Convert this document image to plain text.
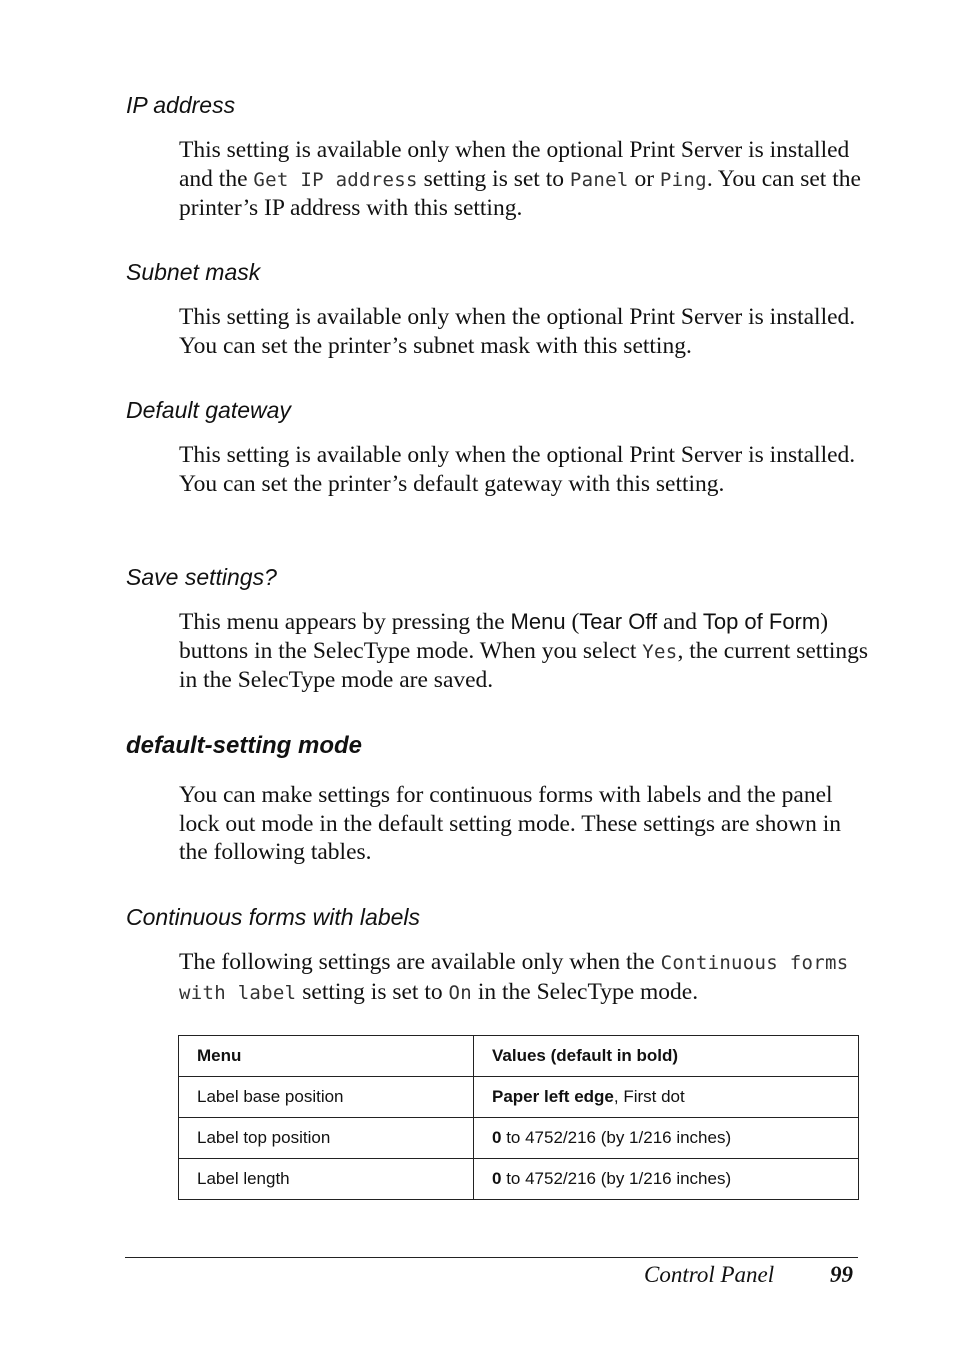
IP address
This setting is available only when the optional Print Server is installed and the Get IP address setting is set to Panel or Ping. You can set the printer’s IP address with this setting.
Subnet mask
This setting is available only when the optional Print Server is installed. You can set the printer’s subnet mask with this setting.
Default gateway
This setting is available only when the optional Print Server is installed. You can set the printer’s default gateway with this setting.
Save settings?
This menu appears by pressing the Menu (Tear Off and Top of Form) buttons in the SelecType mode. When you select Yes, the current settings in the SelecType mode are saved.
default-setting mode
You can make settings for continuous forms with labels and the panel lock out mode in the default setting mode. These settings are shown in the following tables.
Continuous forms with labels
The following settings are available only when the Continuous forms with label setting is set to On in the SelecType mode.
Menu	Values (default in bold)
Label base position	Paper left edge, First dot
Label top position	0 to 4752/216 (by 1/216 inches)
Label length	0 to 4752/216 (by 1/216 inches)
Control Panel 99
